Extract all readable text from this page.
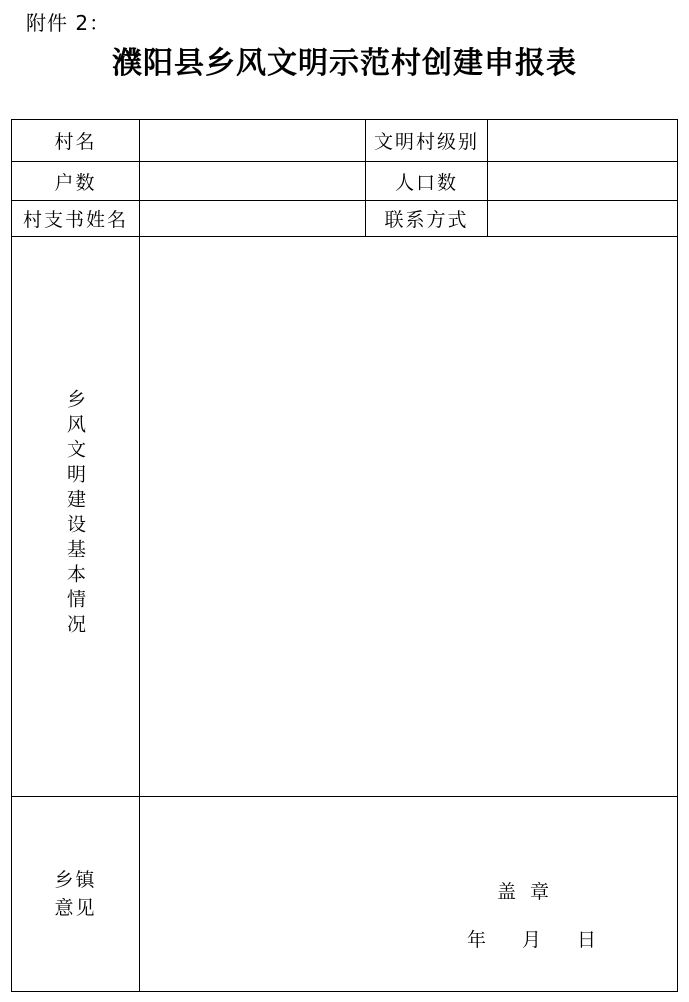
附件 2：
濮阳县乡风文明示范村创建申报表
村名		文明村级别	
户数		人口数	
村支书姓名		联系方式	
乡风文明建设基本情况			
乡镇意见	盖章
年 月 日		
